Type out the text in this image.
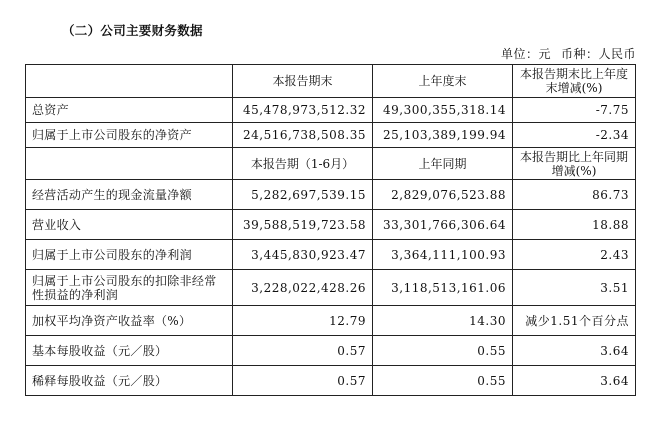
（二）公司主要财务数据
单位：元 币种：人民币
	本报告期末	上年度末	本报告期末比上年度末增减(%)
总资产	45,478,973,512.32	49,300,355,318.14	-7.75
归属于上市公司股东的净资产	24,516,738,508.35	25,103,389,199.94	-2.34
	本报告期（1-6月）	上年同期	本报告期比上年同期增减(%)
经营活动产生的现金流量净额	5,282,697,539.15	2,829,076,523.88	86.73
营业收入	39,588,519,723.58	33,301,766,306.64	18.88
归属于上市公司股东的净利润	3,445,830,923.47	3,364,111,100.93	2.43
归属于上市公司股东的扣除非经常性损益的净利润	3,228,022,428.26	3,118,513,161.06	3.51
加权平均净资产收益率（%）	12.79	14.30	减少1.51个百分点
基本每股收益（元／股）	0.57	0.55	3.64
稀释每股收益（元／股）	0.57	0.55	3.64
